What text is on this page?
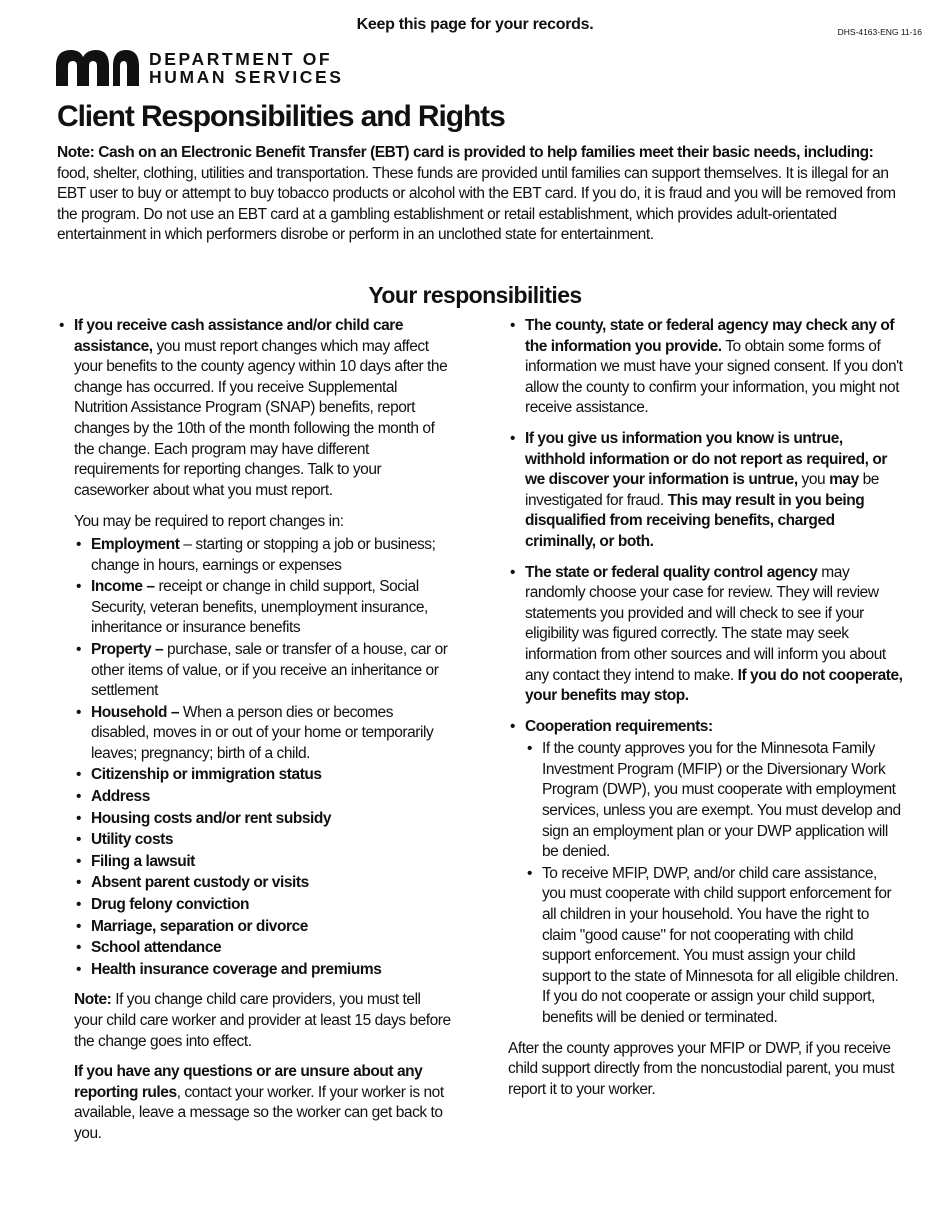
Keep this page for your records.	DHS-4163-ENG 11-16
DEPARTMENT OF
HUMAN SERVICES
Client Responsibilities and Rights

Note: Cash on an Electronic Benefit Transfer (EBT) card is provided to help families meet their basic needs, including: food, shelter, clothing, utilities and transportation. These funds are provided until families can support themselves. It is illegal for an EBT user to buy or attempt to buy tobacco products or alcohol with the EBT card. If you do, it is fraud and you will be removed from the program. Do not use an EBT card at a gambling establishment or retail establishment, which provides adult-orientated entertainment in which performers disrobe or perform in an unclothed state for entertainment.

Your responsibilities
• If you receive cash assistance and/or child care assistance, you must report changes which may affect your benefits to the county agency within 10 days after the change has occurred. If you receive Supplemental Nutrition Assistance Program (SNAP) benefits, report changes by the 10th of the month following the month of the change. Each program may have different requirements for reporting changes. Talk to your caseworker about what you must report.
You may be required to report changes in:
• Employment – starting or stopping a job or business; change in hours, earnings or expenses
• Income – receipt or change in child support, Social Security, veteran benefits, unemployment insurance, inheritance or insurance benefits
• Property – purchase, sale or transfer of a house, car or other items of value, or if you receive an inheritance or settlement
• Household – When a person dies or becomes disabled, moves in or out of your home or temporarily leaves; pregnancy; birth of a child.
• Citizenship or immigration status
• Address
• Housing costs and/or rent subsidy
• Utility costs
• Filing a lawsuit
• Absent parent custody or visits
• Drug felony conviction
• Marriage, separation or divorce
• School attendance
• Health insurance coverage and premiums
Note: If you change child care providers, you must tell your child care worker and provider at least 15 days before the change goes into effect.
If you have any questions or are unsure about any reporting rules, contact your worker. If your worker is not available, leave a message so the worker can get back to you.
• The county, state or federal agency may check any of the information you provide. To obtain some forms of information we must have your signed consent. If you don't allow the county to confirm your information, you might not receive assistance.
• If you give us information you know is untrue, withhold information or do not report as required, or we discover your information is untrue, you may be investigated for fraud. This may result in you being disqualified from receiving benefits, charged criminally, or both.
• The state or federal quality control agency may randomly choose your case for review. They will review statements you provided and will check to see if your eligibility was figured correctly. The state may seek information from other sources and will inform you about any contact they intend to make. If you do not cooperate, your benefits may stop.
• Cooperation requirements:
• If the county approves you for the Minnesota Family Investment Program (MFIP) or the Diversionary Work Program (DWP), you must cooperate with employment services, unless you are exempt. You must develop and sign an employment plan or your DWP application will be denied.
• To receive MFIP, DWP, and/or child care assistance, you must cooperate with child support enforcement for all children in your household. You have the right to claim "good cause" for not cooperating with child support enforcement. You must assign your child support to the state of Minnesota for all eligible children. If you do not cooperate or assign your child support, benefits will be denied or terminated.
After the county approves your MFIP or DWP, if you receive child support directly from the noncustodial parent, you must report it to your worker.
